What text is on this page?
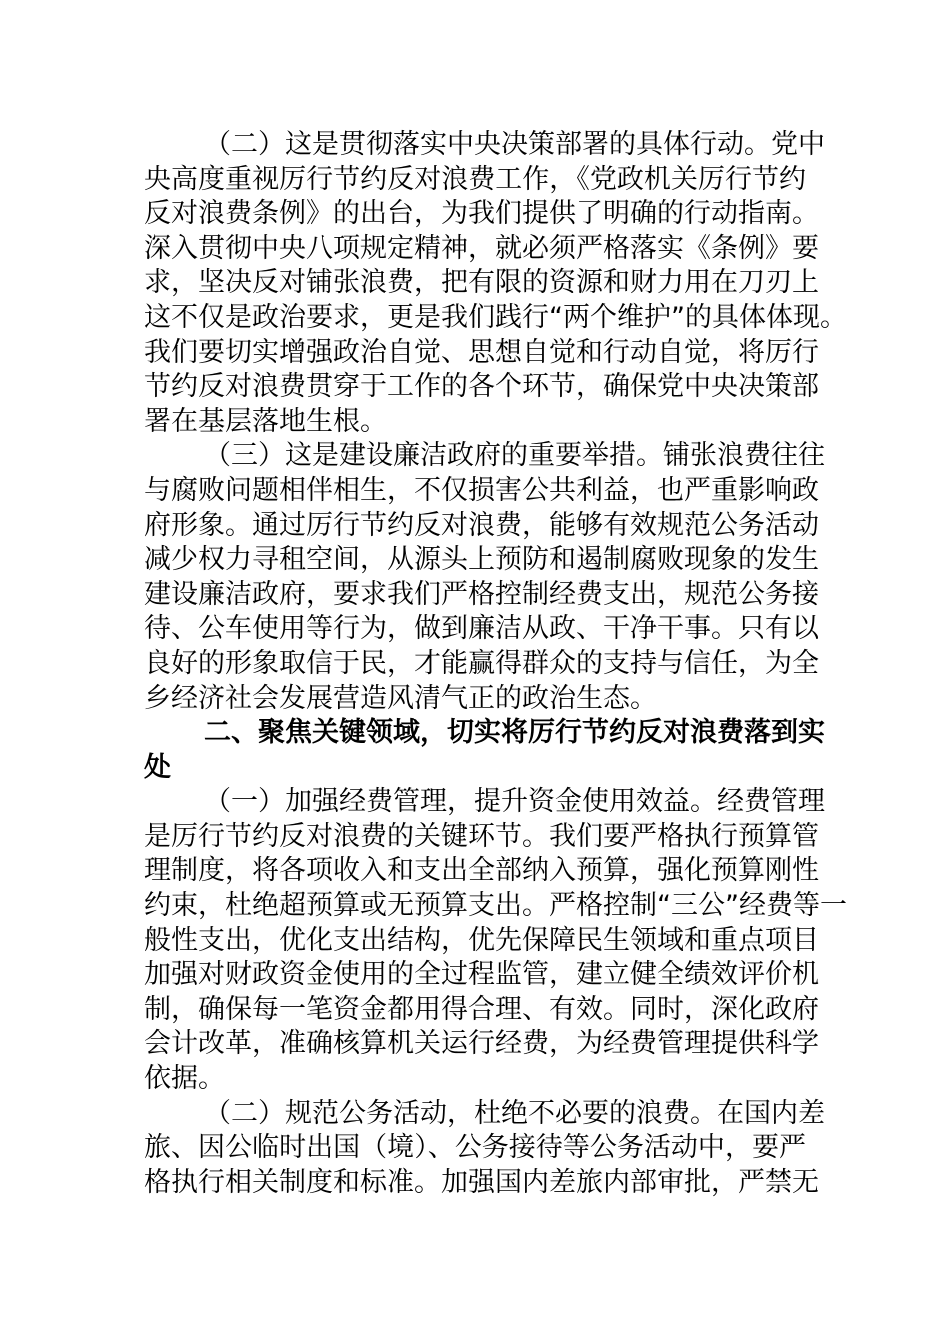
（二）这是贯彻落实中央决策部署的具体行动。党中
央高度重视厉行节约反对浪费工作，《党政机关厉行节约
反对浪费条例》的出台，为我们提供了明确的行动指南。
深入贯彻中央八项规定精神，就必须严格落实《条例》要
求，坚决反对铺张浪费，把有限的资源和财力用在刀刃上
这不仅是政治要求，更是我们践行“两个维护”的具体体现。
我们要切实增强政治自觉、思想自觉和行动自觉，将厉行
节约反对浪费贯穿于工作的各个环节，确保党中央决策部
署在基层落地生根。
（三）这是建设廉洁政府的重要举措。铺张浪费往往
与腐败问题相伴相生，不仅损害公共利益，也严重影响政
府形象。通过厉行节约反对浪费，能够有效规范公务活动
减少权力寻租空间，从源头上预防和遏制腐败现象的发生
建设廉洁政府，要求我们严格控制经费支出，规范公务接
待、公车使用等行为，做到廉洁从政、干净干事。只有以
良好的形象取信于民，才能赢得群众的支持与信任，为全
乡经济社会发展营造风清气正的政治生态。
二、聚焦关键领域，切实将厉行节约反对浪费落到实
处
（一）加强经费管理，提升资金使用效益。经费管理
是厉行节约反对浪费的关键环节。我们要严格执行预算管
理制度，将各项收入和支出全部纳入预算，强化预算刚性
约束，杜绝超预算或无预算支出。严格控制“三公”经费等一
般性支出，优化支出结构，优先保障民生领域和重点项目
加强对财政资金使用的全过程监管，建立健全绩效评价机
制，确保每一笔资金都用得合理、有效。同时，深化政府
会计改革，准确核算机关运行经费，为经费管理提供科学
依据。
（二）规范公务活动，杜绝不必要的浪费。在国内差
旅、因公临时出国（境）、公务接待等公务活动中，要严
格执行相关制度和标准。加强国内差旅内部审批，严禁无
